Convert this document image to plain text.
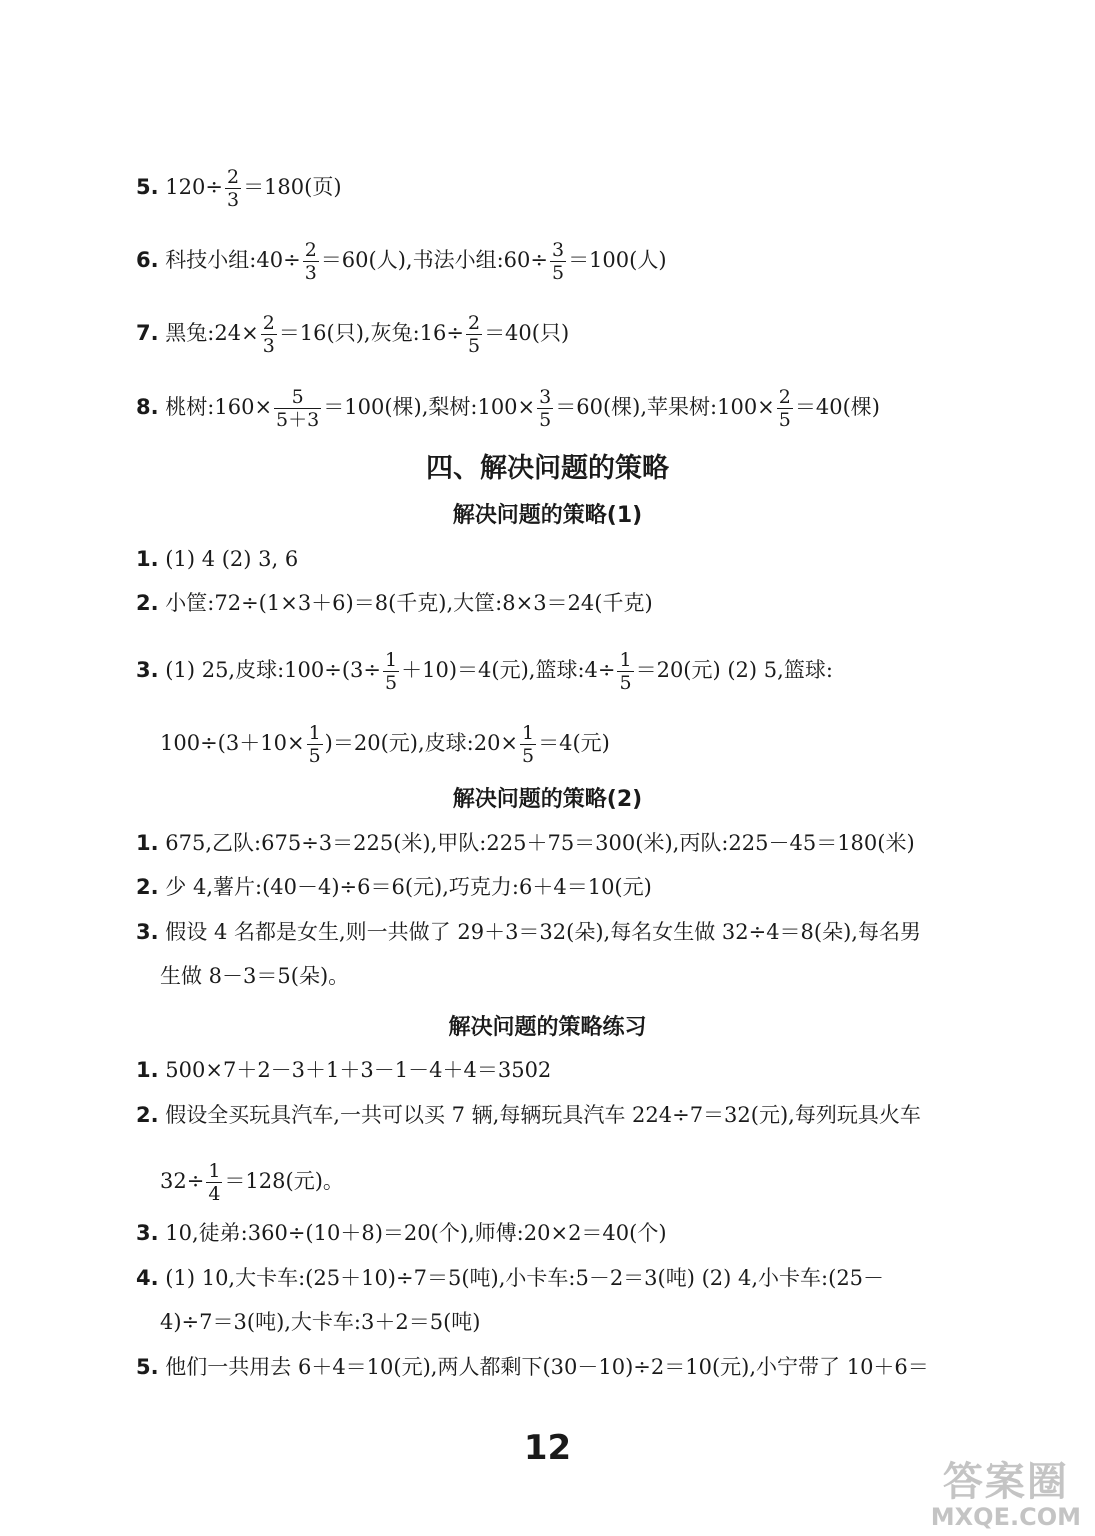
5. $120\div \frac{2}{3} =180$(页)
6. 科技小组:40÷ $\frac{2}{3} =60$(人),书法小组:60÷ $\frac{3}{5} =100$(人)
7. 黑兔:24× $\frac{2}{3} =16$(只),灰兔:16÷ $\frac{2}{5} =40$(只)
8. 桃树:160× $\frac{5}{5+3} =100$(棵),梨树:100× $\frac{3}{5} =60$(棵),苹果树:100× $\frac{2}{5} =40$(棵)
四、解决问题的策略
解决问题的策略(1)
1. (1) 4 (2) 3, 6
2. 小筐:72÷(1×3＋6)＝8(千克),大筐:8×3＝24(千克)
3. (1) 25,皮球:100÷(3÷ $\frac{1}{5} +10)=4$(元),篮球:4÷ $\frac{1}{5} =20$(元) (2) 5,篮球:
$100\div(3+10\times \frac{1}{5} )=20$(元),皮球:20× $\frac{1}{5} =4$(元)
解决问题的策略(2)
1. 675,乙队:675÷3＝225(米),甲队:225＋75＝300(米),丙队:225－45＝180(米)
2. 少 4,薯片:(40－4)÷6＝6(元),巧克力:6＋4＝10(元)
3. 假设 4 名都是女生,则一共做了 29＋3＝32(朵),每名女生做 32÷4＝8(朵),每名男
生做 8－3＝5(朵)。
解决问题的策略练习
1. 500×7＋2－3＋1＋3－1－4＋4＝3502
2. 假设全买玩具汽车,一共可以买 7 辆,每辆玩具汽车 224÷7＝32(元),每列玩具火车
$32\div \frac{1}{4} =128$(元)。
3. 10,徒弟:360÷(10＋8)＝20(个),师傅:20×2＝40(个)
4. (1) 10,大卡车:(25＋10)÷7＝5(吨),小卡车:5－2＝3(吨) (2) 4,小卡车:(25－
4)÷7＝3(吨),大卡车:3＋2＝5(吨)
5. 他们一共用去 6＋4＝10(元),两人都剩下(30－10)÷2＝10(元),小宁带了 10＋6＝
12
答案圈
MXQE.COM
